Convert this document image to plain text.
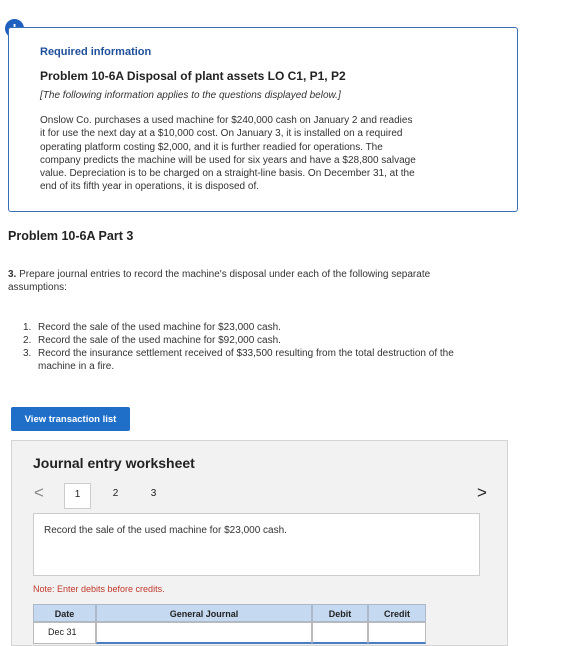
Required information
Problem 10-6A Disposal of plant assets LO C1, P1, P2
[The following information applies to the questions displayed below.]

Onslow Co. purchases a used machine for $240,000 cash on January 2 and readies
it for use the next day at a $10,000 cost. On January 3, it is installed on a required
operating platform costing $2,000, and it is further readied for operations. The
company predicts the machine will be used for six years and have a $28,800 salvage
value. Depreciation is to be charged on a straight-line basis. On December 31, at the
end of its fifth year in operations, it is disposed of.

Problem 10-6A Part 3

3. Prepare journal entries to record the machine's disposal under each of the following separate
assumptions:

1. Record the sale of the used machine for $23,000 cash.
2. Record the sale of the used machine for $92,000 cash.
3. Record the insurance settlement received of $33,500 resulting from the total destruction of the
machine in a fire.
View transaction list
Journal entry worksheet
<	1	2	3	>
Record the sale of the used machine for $23,000 cash.
Note: Enter debits before credits.
Date	General Journal	Debit	Credit
Dec 31
